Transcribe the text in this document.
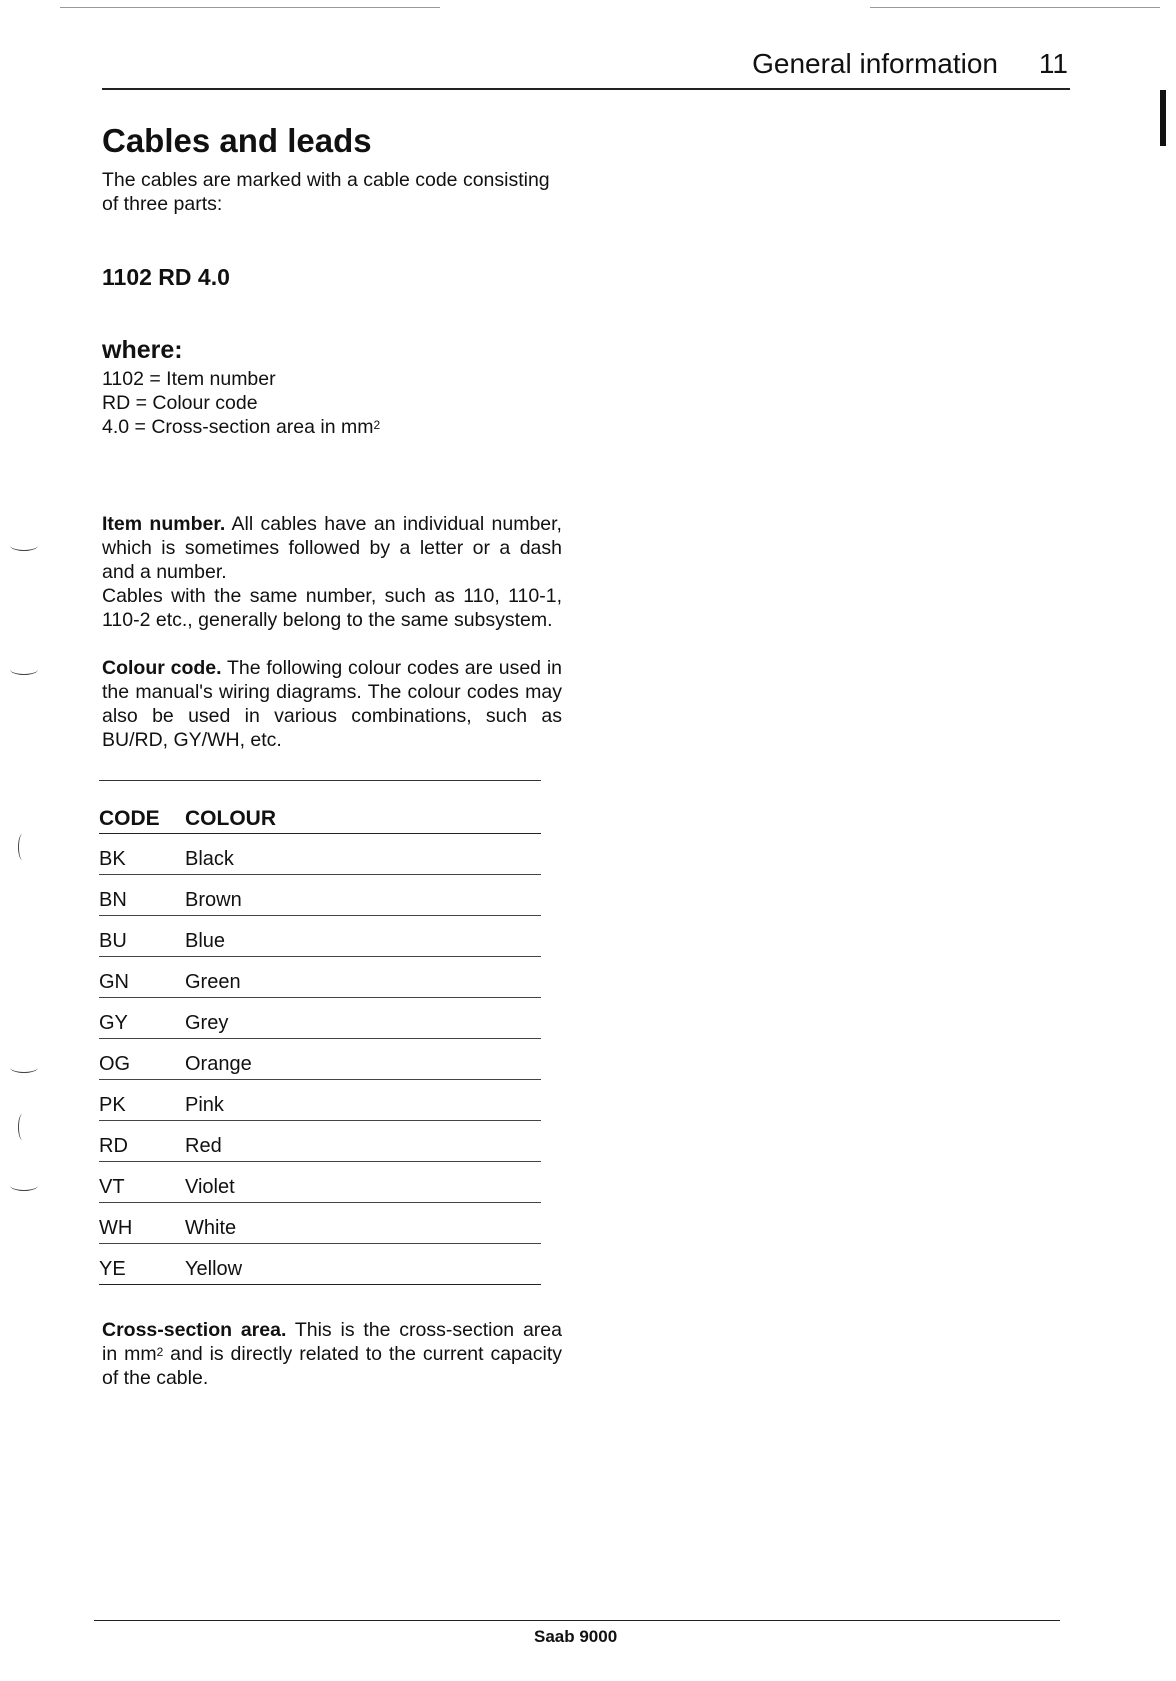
General information 11
Cables and leads

The cables are marked with a cable code consisting of three parts:

1102 RD 4.0
where:
1102 = Item number
RD = Colour code
4.0 = Cross-section area in $mm^2$

Item number. All cables have an individual number, which is sometimes followed by a letter or a dash and a number.

Cables with the same number, such as 110, 110-1, 110-2 etc., generally belong to the same subsystem.

Colour code. The following colour codes are used in the manual's wiring diagrams. The colour codes may also be used in various combinations, such as BU/RD, GY/WH, etc.

CODE	COLOUR
BK	Black
BN	Brown
BU	Blue
GN	Green
GY	Grey
OG	Orange
PK	Pink
RD	Red
VT	Violet
WH	White
YE	Yellow

Cross-section area. This is the cross-section area in $mm^2$ and is directly related to the current capacity of the cable.

Saab 9000
